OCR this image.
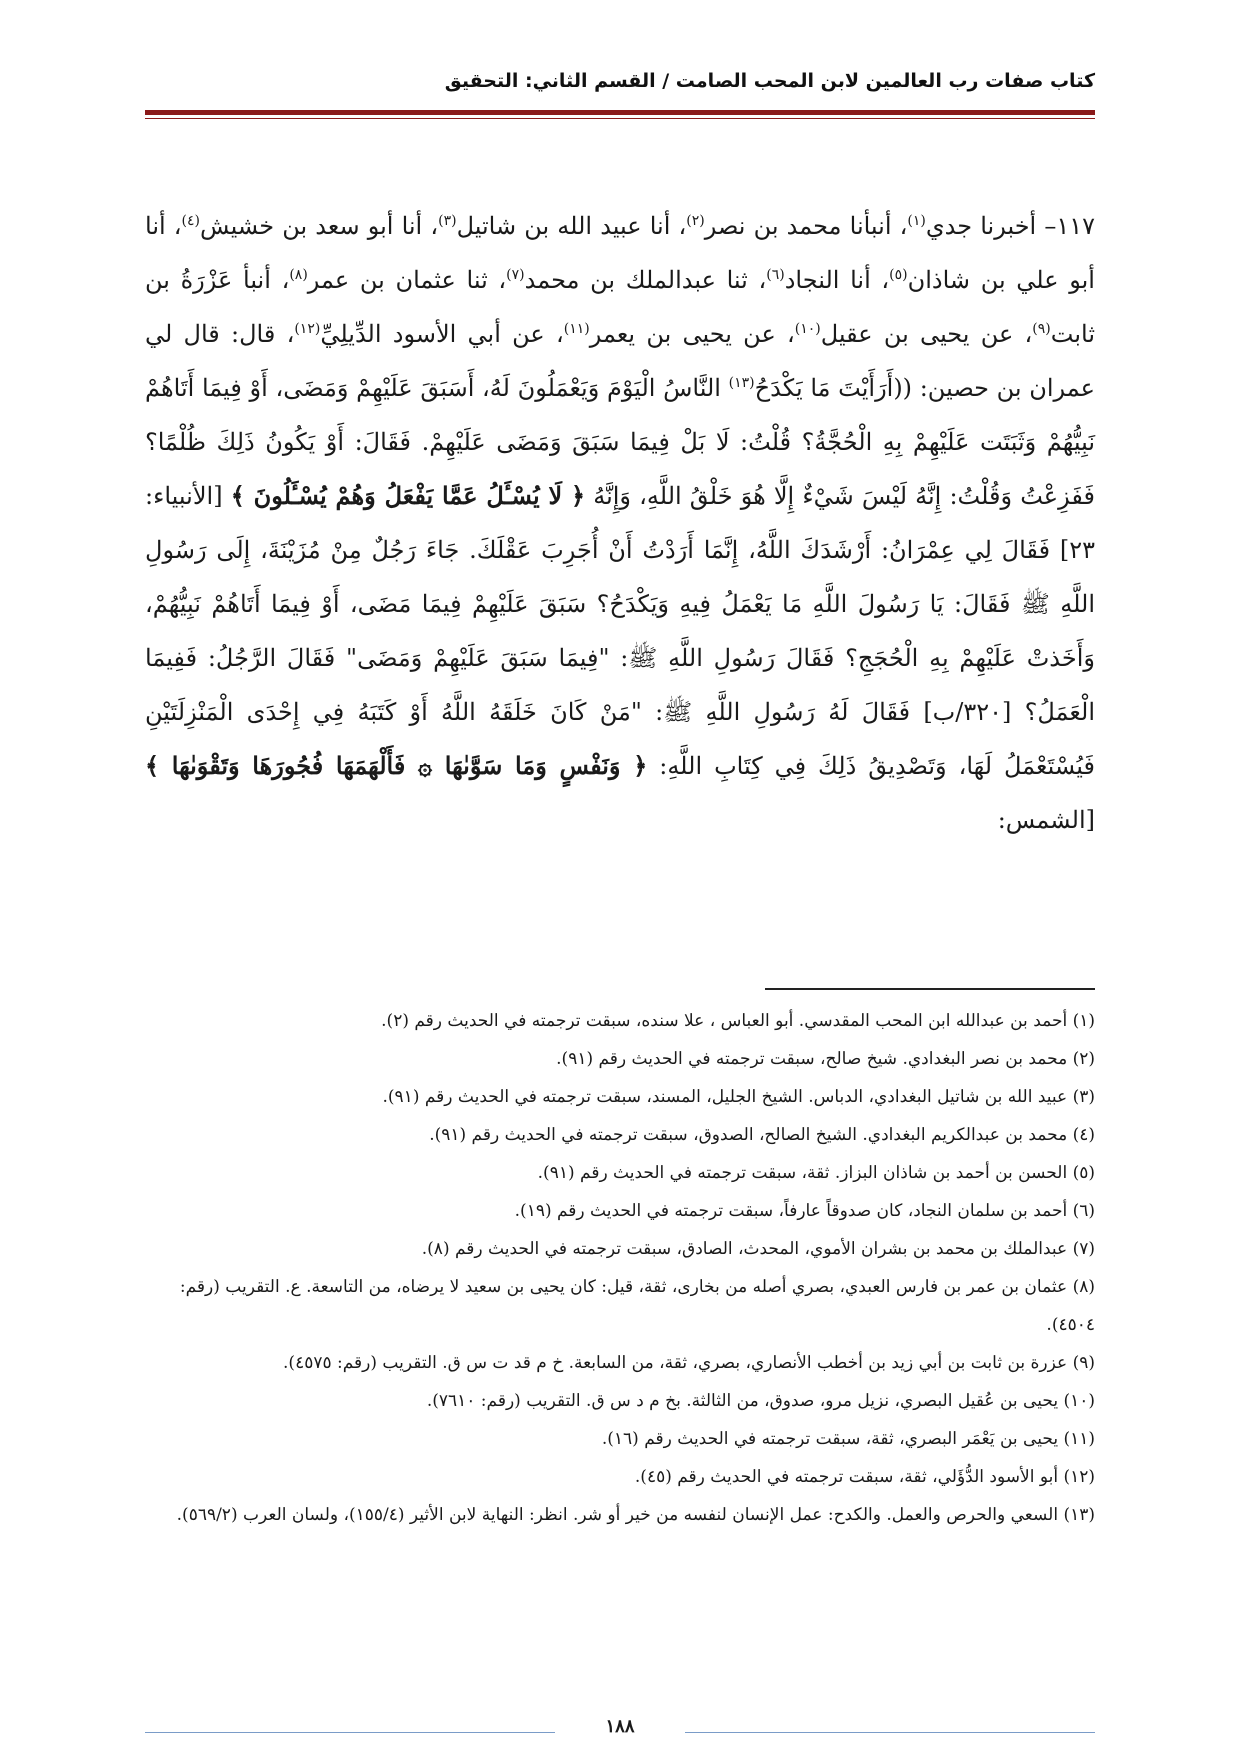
كتاب صفات رب العالمين لابن المحب الصامت / القسم الثاني: التحقيق

١١٧– أخبرنا جدي$^{(١)}$، أنبأنا محمد بن نصر$^{(٢)}$، أنا عبيد الله بن شاتيل$^{(٣)}$، أنا أبو سعد بن خشيش$^{(٤)}$، أنا أبو علي بن شاذان$^{(٥)}$، أنا النجاد$^{(٦)}$، ثنا عبدالملك بن محمد$^{(٧)}$، ثنا عثمان بن عمر$^{(٨)}$، أنبأ عَزْرَةُ بن ثابت$^{(٩)}$، عن يحيى بن عقيل$^{(١٠)}$، عن يحيى بن يعمر$^{(١١)}$، عن أبي الأسود الدِّيلِيِّ$^{(١٢)}$، قال: قال لي عمران بن حصين: ((أَرَأَيْتَ مَا يَكْدَحُ$^{(١٣)}$ النَّاسُ الْيَوْمَ وَيَعْمَلُونَ لَهُ، أَسَبَقَ عَلَيْهِمْ وَمَضَى، أَوْ فِيمَا أَتَاهُمْ نَبِيُّهُمْ وَثَبَتَت عَلَيْهِمْ بِهِ الْحُجَّةُ؟ قُلْتُ: لَا بَلْ فِيمَا سَبَقَ وَمَضَى عَلَيْهِمْ. فَقَالَ: أَوْ يَكُونُ ذَلِكَ ظُلْمًا؟ فَفَزِعْتُ وَقُلْتُ: إِنَّهُ لَيْسَ شَيْءٌ إِلَّا هُوَ خَلْقُ اللَّهِ، وَإِنَّهُ ﴿ لَا يُسْـَٔلُ عَمَّا يَفْعَلُ وَهُمْ يُسْـَٔلُونَ ﴾ [الأنبياء: ٢٣] فَقَالَ لِي عِمْرَانُ: أَرْشَدَكَ اللَّهُ، إِنَّمَا أَرَدْتُ أَنْ أُجَرِبَ عَقْلَكَ. جَاءَ رَجُلٌ مِنْ مُزَيْنَةَ، إِلَى رَسُولِ اللَّهِ ﷺ فَقَالَ: يَا رَسُولَ اللَّهِ مَا يَعْمَلُ فِيهِ وَيَكْدَحُ؟ سَبَقَ عَلَيْهِمْ فِيمَا مَضَى، أَوْ فِيمَا أَتَاهُمْ نَبِيُّهُمْ، وَأَخَذتْ عَلَيْهِمْ بِهِ الْحُجَجِ؟ فَقَالَ رَسُولِ اللَّهِ ﷺ: "فِيمَا سَبَقَ عَلَيْهِمْ وَمَضَى" فَقَالَ الرَّجُلُ: فَفِيمَا الْعَمَلُ؟ [٣٢٠/ب] فَقَالَ لَهُ رَسُولِ اللَّهِ ﷺ: "مَنْ كَانَ خَلَقَهُ اللَّهُ أَوْ كَتَبَهُ فِي إِحْدَى الْمَنْزِلَتَيْنِ فَيُسْتَعْمَلُ لَهَا، وَتَصْدِيقُ ذَلِكَ فِي كِتَابِ اللَّهِ: ﴿ وَنَفْسٍ وَمَا سَوَّىٰهَا ۞ فَأَلْهَمَهَا فُجُورَهَا وَتَقْوَىٰهَا ﴾ [الشمس:

(١) أحمد بن عبدالله ابن المحب المقدسي. أبو العباس ، علا سنده، سبقت ترجمته في الحديث رقم (٢).
(٢) محمد بن نصر البغدادي. شيخ صالح، سبقت ترجمته في الحديث رقم (٩١).
(٣) عبيد الله بن شاتيل البغدادي، الدباس. الشيخ الجليل، المسند، سبقت ترجمته في الحديث رقم (٩١).
(٤) محمد بن عبدالكريم البغدادي. الشيخ الصالح، الصدوق، سبقت ترجمته في الحديث رقم (٩١).
(٥) الحسن بن أحمد بن شاذان البزاز. ثقة، سبقت ترجمته في الحديث رقم (٩١).
(٦) أحمد بن سلمان النجاد، كان صدوقاً عارفاً، سبقت ترجمته في الحديث رقم (١٩).
(٧) عبدالملك بن محمد بن بشران الأموي، المحدث، الصادق، سبقت ترجمته في الحديث رقم (٨).
(٨) عثمان بن عمر بن فارس العبدي، بصري أصله من بخارى، ثقة، قيل: كان يحيى بن سعيد لا يرضاه، من التاسعة. ع. التقريب (رقم: ٤٥٠٤).
(٩) عزرة بن ثابت بن أبي زيد بن أخطب الأنصاري، بصري، ثقة، من السابعة. خ م قد ت س ق. التقريب (رقم: ٤٥٧٥).
(١٠) يحيى بن عُقيل البصري، نزيل مرو، صدوق، من الثالثة. بخ م د س ق. التقريب (رقم: ٧٦١٠).
(١١) يحيى بن يَعْمَر البصري، ثقة، سبقت ترجمته في الحديث رقم (١٦).
(١٢) أبو الأسود الدُّؤَلي، ثقة، سبقت ترجمته في الحديث رقم (٤٥).
(١٣) السعي والحرص والعمل. والكدح: عمل الإنسان لنفسه من خير أو شر. انظر: النهاية لابن الأثير (١٥٥/٤)، ولسان العرب (٥٦٩/٢).
١٨٨
